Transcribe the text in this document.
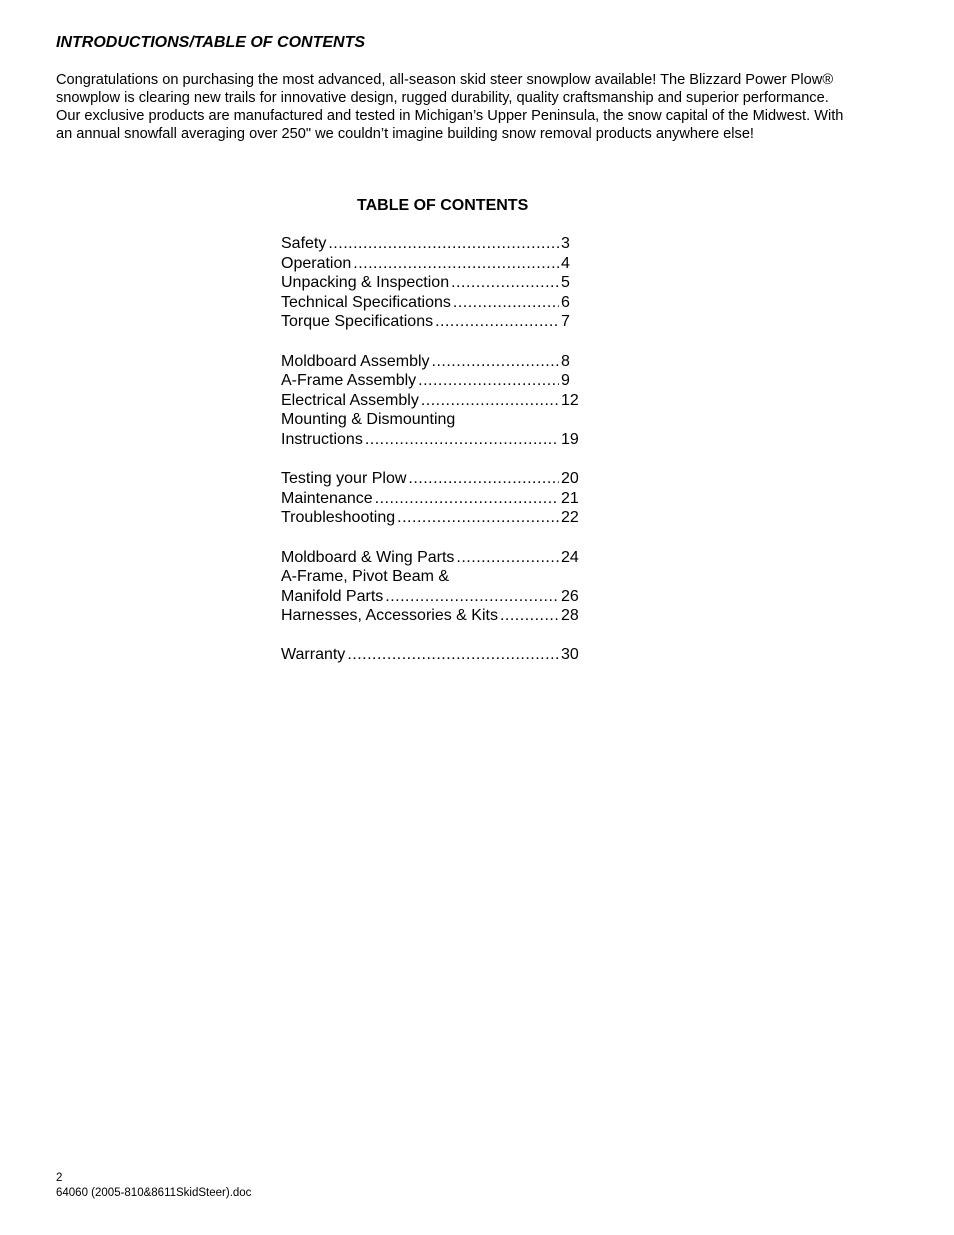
INTRODUCTIONS/TABLE OF CONTENTS

Congratulations on purchasing the most advanced, all-season skid steer snowplow available! The Blizzard Power Plow® snowplow is clearing new trails for innovative design, rugged durability, quality craftsmanship and superior performance. Our exclusive products are manufactured and tested in Michigan’s Upper Peninsula, the snow capital of the Midwest. With an annual snowfall averaging over 250" we couldn’t imagine building snow removal products anywhere else!

TABLE OF CONTENTS
Safety .....	3
Operation .....	4
Unpacking & Inspection .....	5
Technical Specifications .....	6
Torque Specifications .....	7
Moldboard Assembly .....	8
A-Frame Assembly .....	9
Electrical Assembly .....	12
Mounting & Dismounting
Instructions .....	19
Testing your Plow .....	20
Maintenance .....	21
Troubleshooting .....	22
Moldboard & Wing Parts .....	24
A-Frame, Pivot Beam &
Manifold Parts .....	26
Harnesses, Accessories & Kits .....	28
Warranty .....	30
2
64060 (2005-810&8611SkidSteer).doc
